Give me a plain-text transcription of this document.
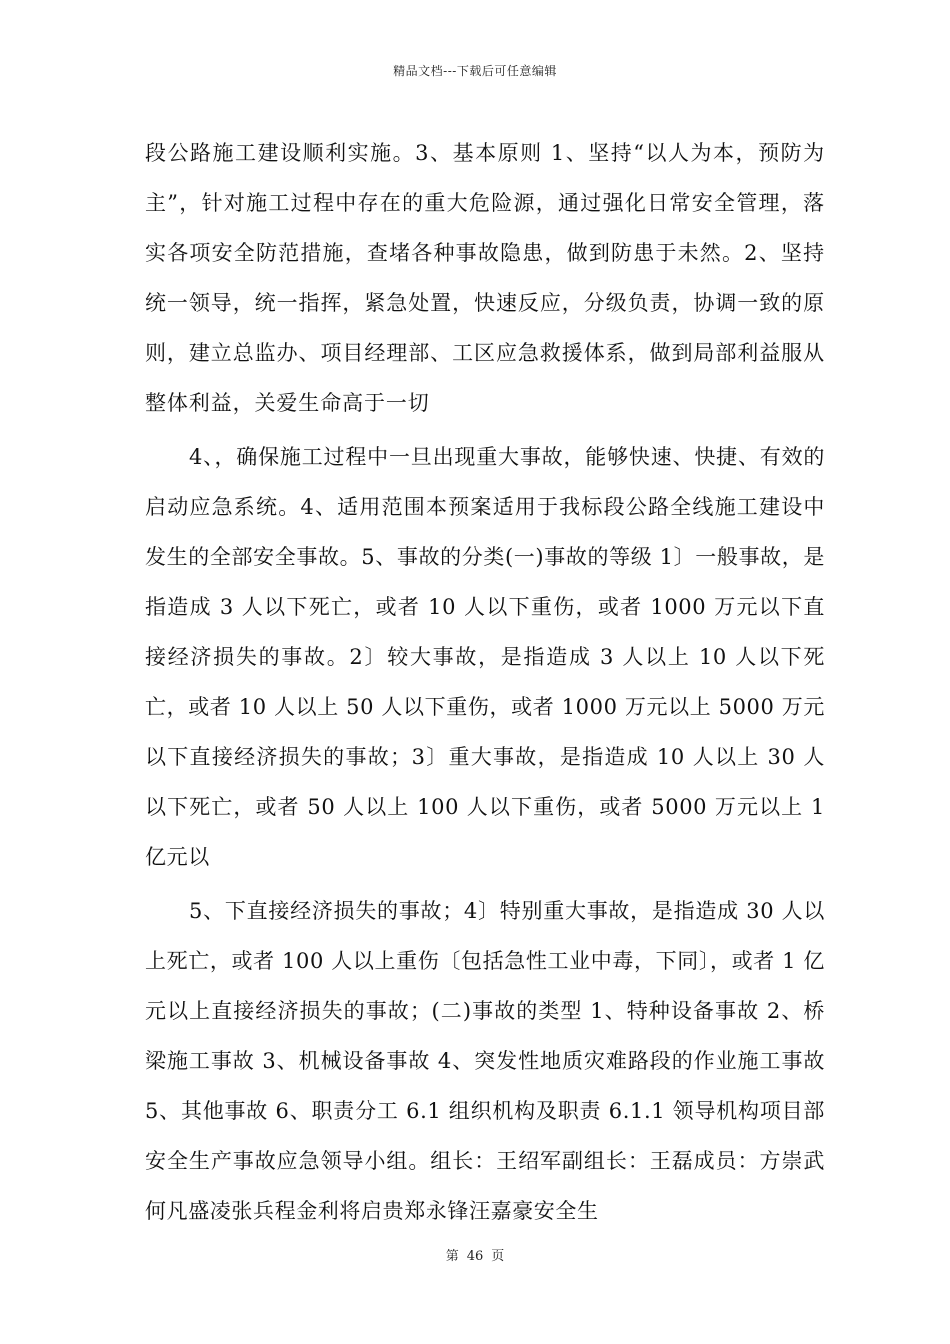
精品文档---下载后可任意编辑

段公路施工建设顺利实施。3、基本原则 1、坚持“以人为本，预防为主”，针对施工过程中存在的重大危险源，通过强化日常安全管理，落实各项安全防范措施，查堵各种事故隐患，做到防患于未然。2、坚持统一领导，统一指挥，紧急处置，快速反应，分级负责，协调一致的原则，建立总监办、项目经理部、工区应急救援体系，做到局部利益服从整体利益，关爱生命高于一切

4、，确保施工过程中一旦出现重大事故，能够快速、快捷、有效的启动应急系统。4、适用范围本预案适用于我标段公路全线施工建设中发生的全部安全事故。5、事故的分类(一)事故的等级 1〕一般事故，是指造成 3 人以下死亡，或者 10 人以下重伤，或者 1000 万元以下直接经济损失的事故。2〕较大事故，是指造成 3 人以上 10 人以下死亡，或者 10 人以上 50 人以下重伤，或者 1000 万元以上 5000 万元以下直接经济损失的事故；3〕重大事故，是指造成 10 人以上 30 人以下死亡，或者 50 人以上 100 人以下重伤，或者 5000 万元以上 1 亿元以

5、下直接经济损失的事故；4〕特别重大事故，是指造成 30 人以上死亡，或者 100 人以上重伤〔包括急性工业中毒，下同〕，或者 1 亿元以上直接经济损失的事故；(二)事故的类型 1、特种设备事故 2、桥梁施工事故 3、机械设备事故 4、突发性地质灾难路段的作业施工事故 5、其他事故 6、职责分工 6.1 组织机构及职责 6.1.1 领导机构项目部安全生产事故应急领导小组。组长：王绍军副组长：王磊成员：方崇武何凡盛凌张兵程金利将启贵郑永锋汪嘉豪安全生

第 46 页
